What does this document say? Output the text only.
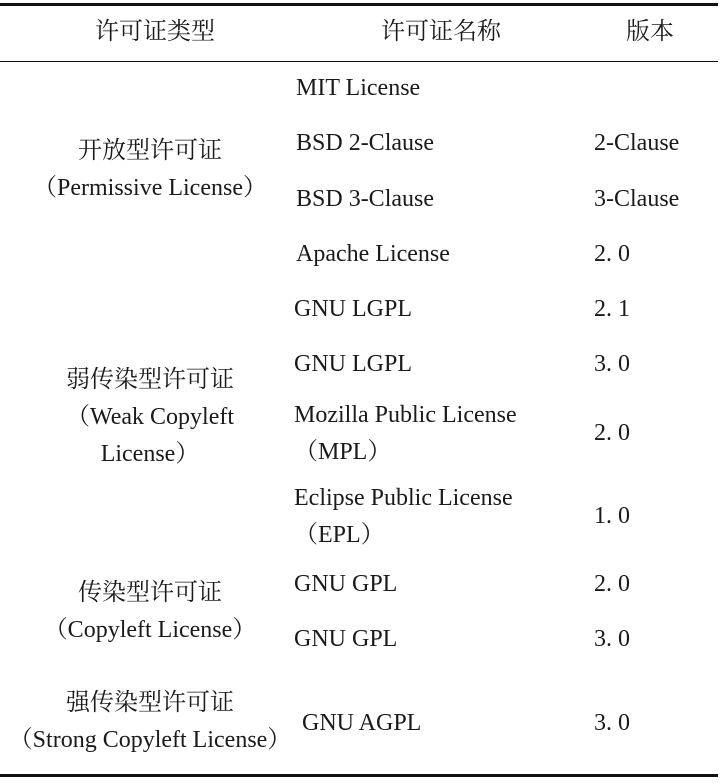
许可证类型	许可证名称	版本
开放型许可证
（Permissive License）
弱传染型许可证
（Weak Copyleft
License）
传染型许可证
（Copyleft License）
强传染型许可证
（Strong Copyleft License）
MIT License
BSD 2-Clause
BSD 3-Clause
Apache License
GNU LGPL
GNU LGPL
Mozilla Public License
（MPL）
Eclipse Public License
（EPL）
GNU GPL
GNU GPL
GNU AGPL
2-Clause
3-Clause
2. 0
2. 1
3. 0
2. 0
1. 0
2. 0
3. 0
3. 0
